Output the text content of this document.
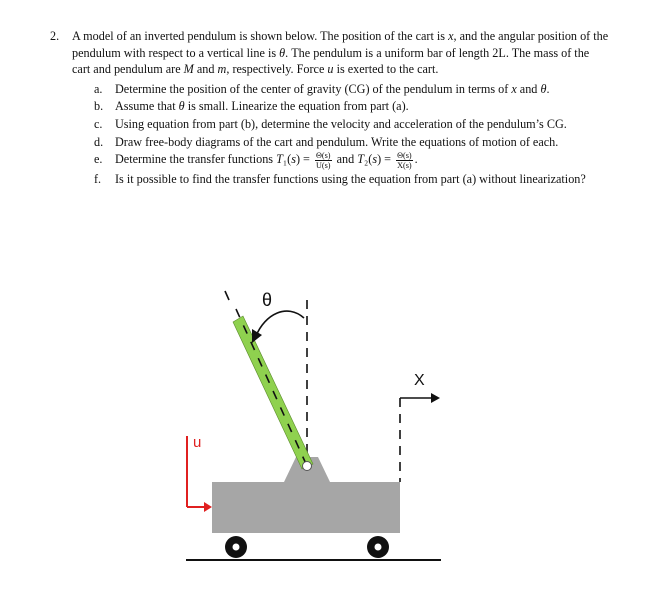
2. A model of an inverted pendulum is shown below. The position of the cart is x, and the angular position of the pendulum with respect to a vertical line is θ. The pendulum is a uniform bar of length 2L. The mass of the cart and pendulum are M and m, respectively. Force u is exerted to the cart.
a. Determine the position of the center of gravity (CG) of the pendulum in terms of x and θ.
b. Assume that θ is small. Linearize the equation from part (a).
c. Using equation from part (b), determine the velocity and acceleration of the pendulum’s CG.
d. Draw free-body diagrams of the cart and pendulum. Write the equations of motion of each.
e. Determine the transfer functions $T_1(s) = \frac{\Theta(s)}{U(s)}$ and $T_2(s) = \frac{\Theta(s)}{X(s)}$ .
f. Is it possible to find the transfer functions using the equation from part (a) without linearization?
θ
X
u
